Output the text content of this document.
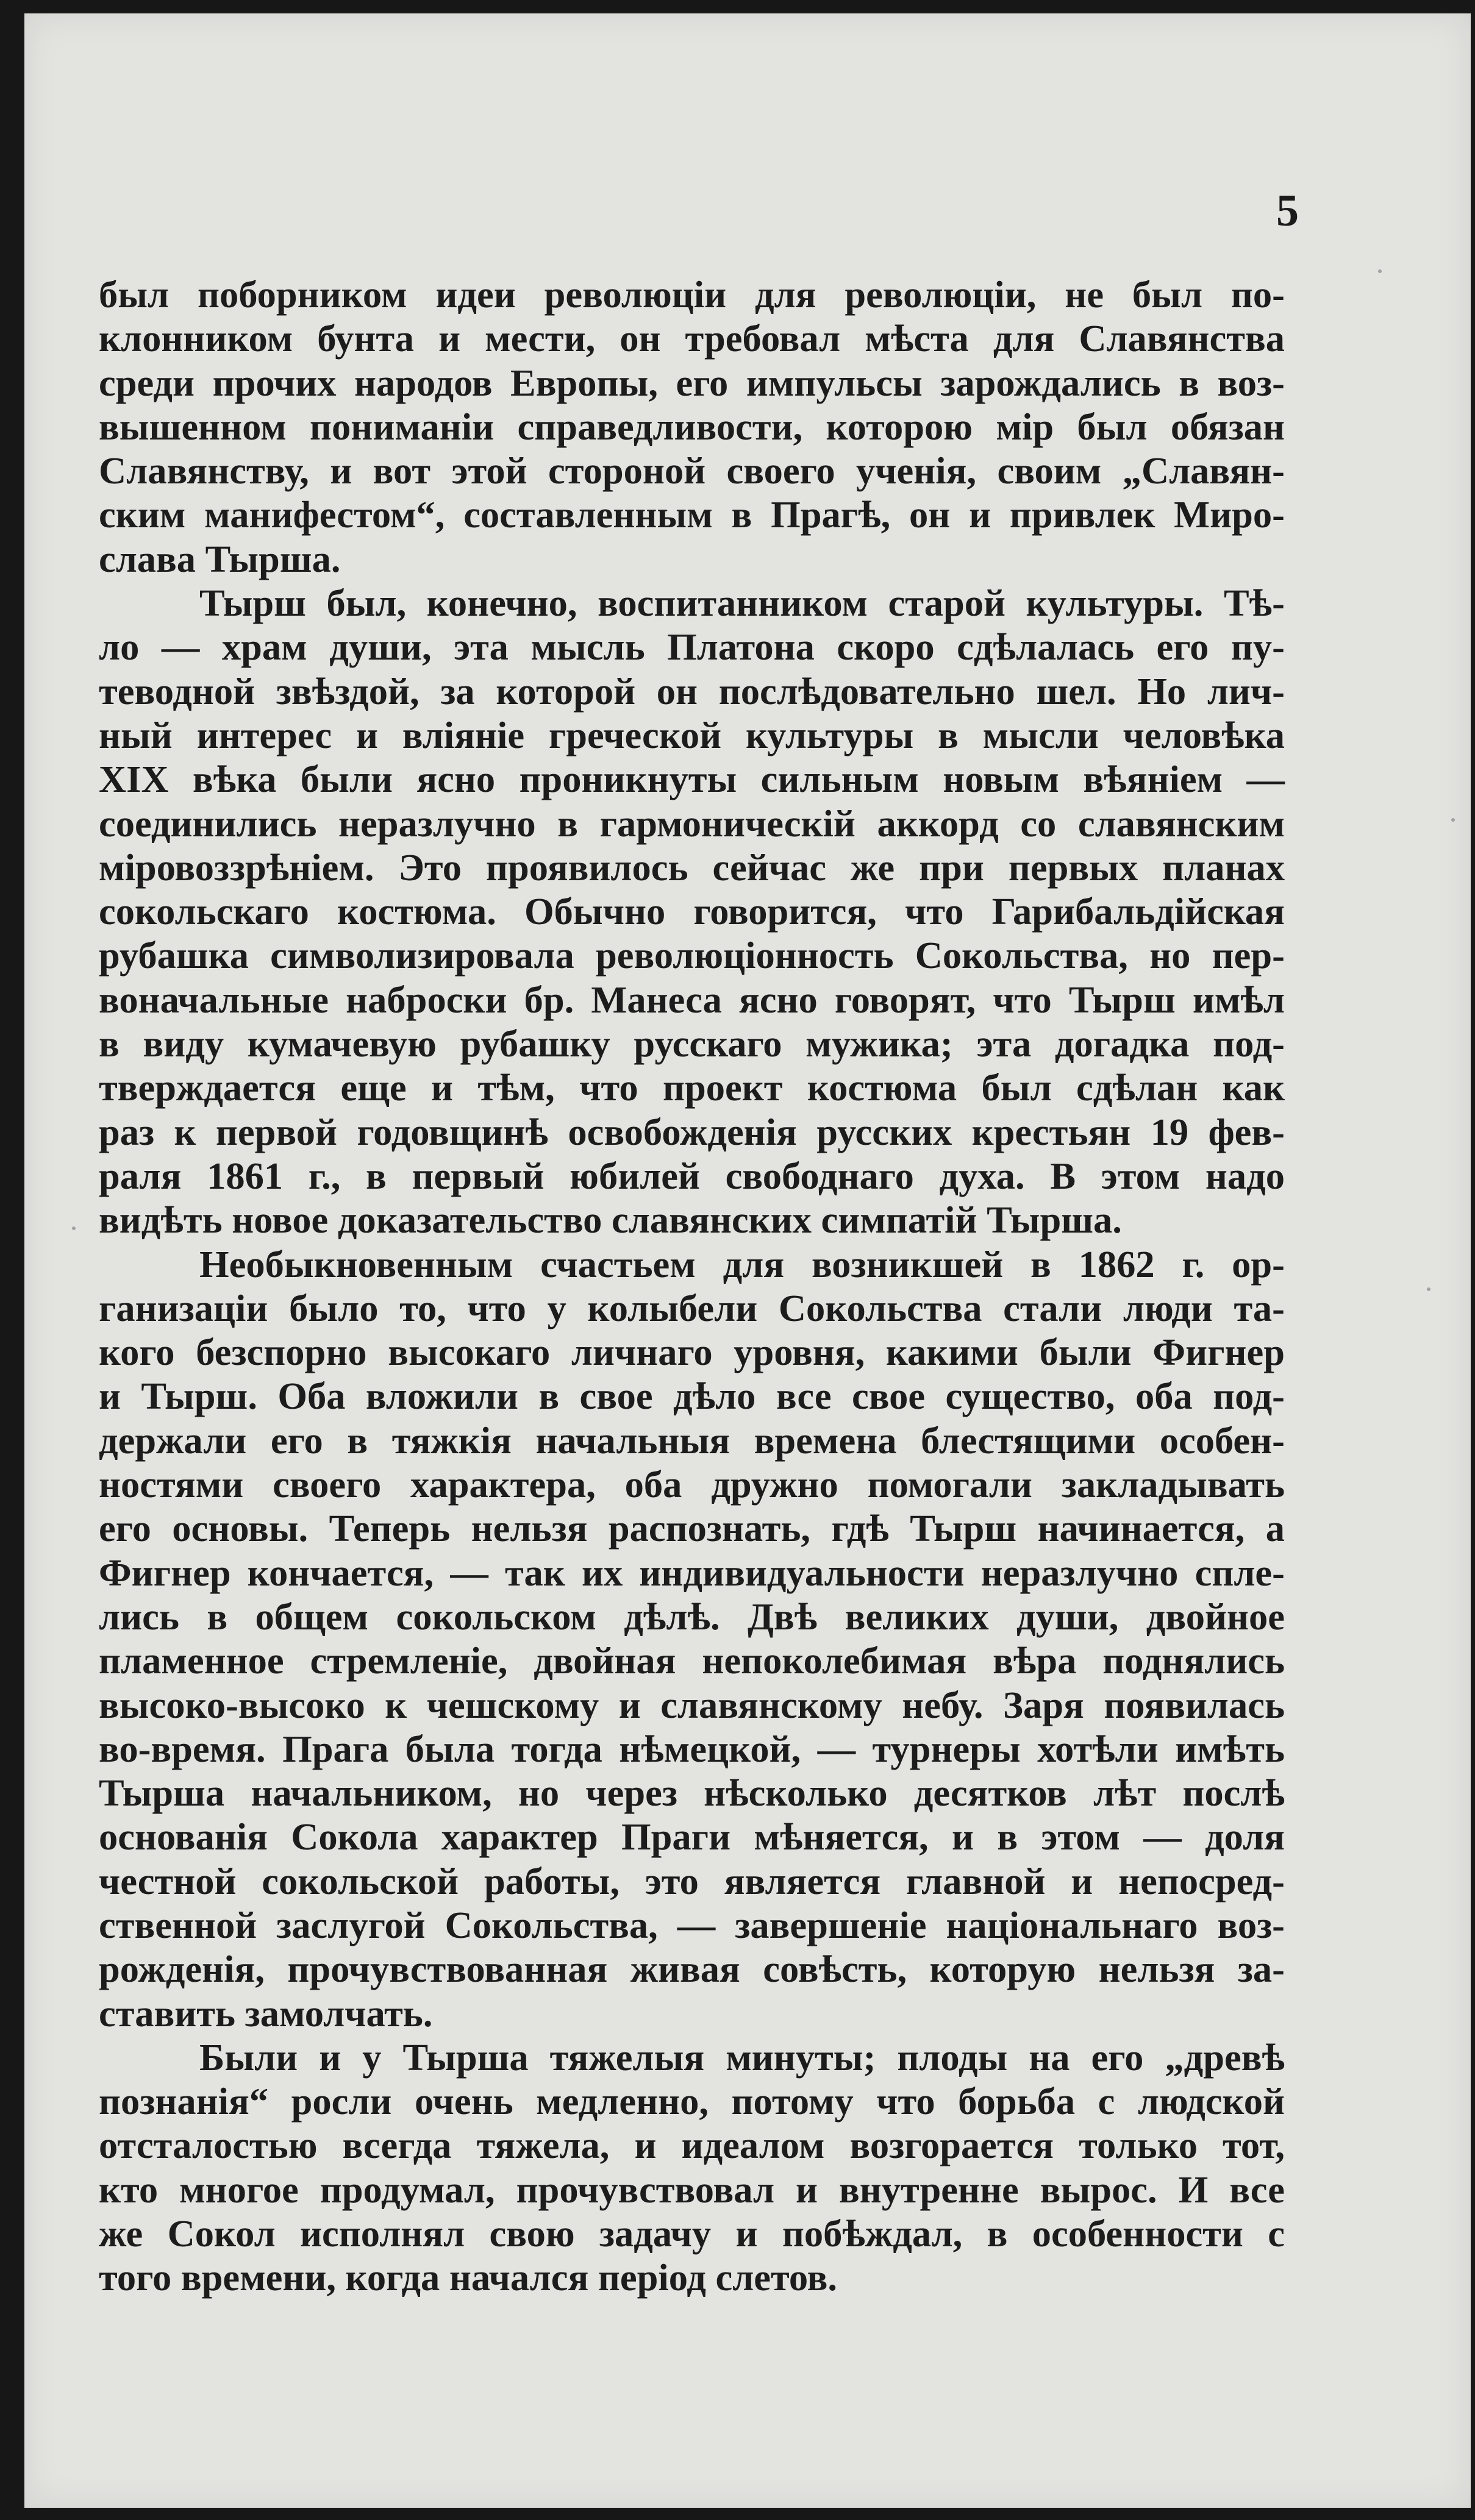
5

был поборником идеи революціи для революціи, не был по-
клонником бунта и мести, он требовал мѣста для Славянства
среди прочих народов Европы, его импульсы зарождались в воз-
вышенном пониманіи справедливости, которою мір был обязан
Славянству, и вот этой стороной своего ученія, своим „Славян-
ским манифестом“, составленным в Прагѣ, он и привлек Миро-
слава Тырша.

Тырш был, конечно, воспитанником старой культуры. Тѣ-
ло — храм души, эта мысль Платона скоро сдѣлалась его пу-
теводной звѣздой, за которой он послѣдовательно шел. Но лич-
ный интерес и вліяніе греческой культуры в мысли человѣка
XIX вѣка были ясно проникнуты сильным новым вѣяніем —
соединились неразлучно в гармоническій аккорд со славянским
міровоззрѣніем. Это проявилось сейчас же при первых планах
сокольскаго костюма. Обычно говорится, что Гарибальдійская
рубашка символизировала революціонность Сокольства, но пер-
воначальные наброски бр. Манеса ясно говорят, что Тырш имѣл
в виду кумачевую рубашку русскаго мужика; эта догадка под-
тверждается еще и тѣм, что проект костюма был сдѣлан как
раз к первой годовщинѣ освобожденія русских крестьян 19 фев-
раля 1861 г., в первый юбилей свободнаго духа. В этом надо
видѣть новое доказательство славянских симпатій Тырша.

Необыкновенным счастьем для возникшей в 1862 г. ор-
ганизаціи было то, что у колыбели Сокольства стали люди та-
кого безспорно высокаго личнаго уровня, какими были Фигнер
и Тырш. Оба вложили в свое дѣло все свое существо, оба под-
держали его в тяжкія начальныя времена блестящими особен-
ностями своего характера, оба дружно помогали закладывать
его основы. Теперь нельзя распознать, гдѣ Тырш начинается, а
Фигнер кончается, — так их индивидуальности неразлучно спле-
лись в общем сокольском дѣлѣ. Двѣ великих души, двойное
пламенное стремленіе, двойная непоколебимая вѣра поднялись
высоко-высоко к чешскому и славянскому небу. Заря появилась
во-время. Прага была тогда нѣмецкой, — турнеры хотѣли имѣть
Тырша начальником, но через нѣсколько десятков лѣт послѣ
основанія Сокола характер Праги мѣняется, и в этом — доля
честной сокольской работы, это является главной и непосред-
ственной заслугой Сокольства, — завершеніе національнаго воз-
рожденія, прочувствованная живая совѣсть, которую нельзя за-
ставить замолчать.

Были и у Тырша тяжелыя минуты; плоды на его „древѣ
познанія“ росли очень медленно, потому что борьба с людской
отсталостью всегда тяжела, и идеалом возгорается только тот,
кто многое продумал, прочувствовал и внутренне вырос. И все
же Сокол исполнял свою задачу и побѣждал, в особенности с
того времени, когда начался період слетов.
